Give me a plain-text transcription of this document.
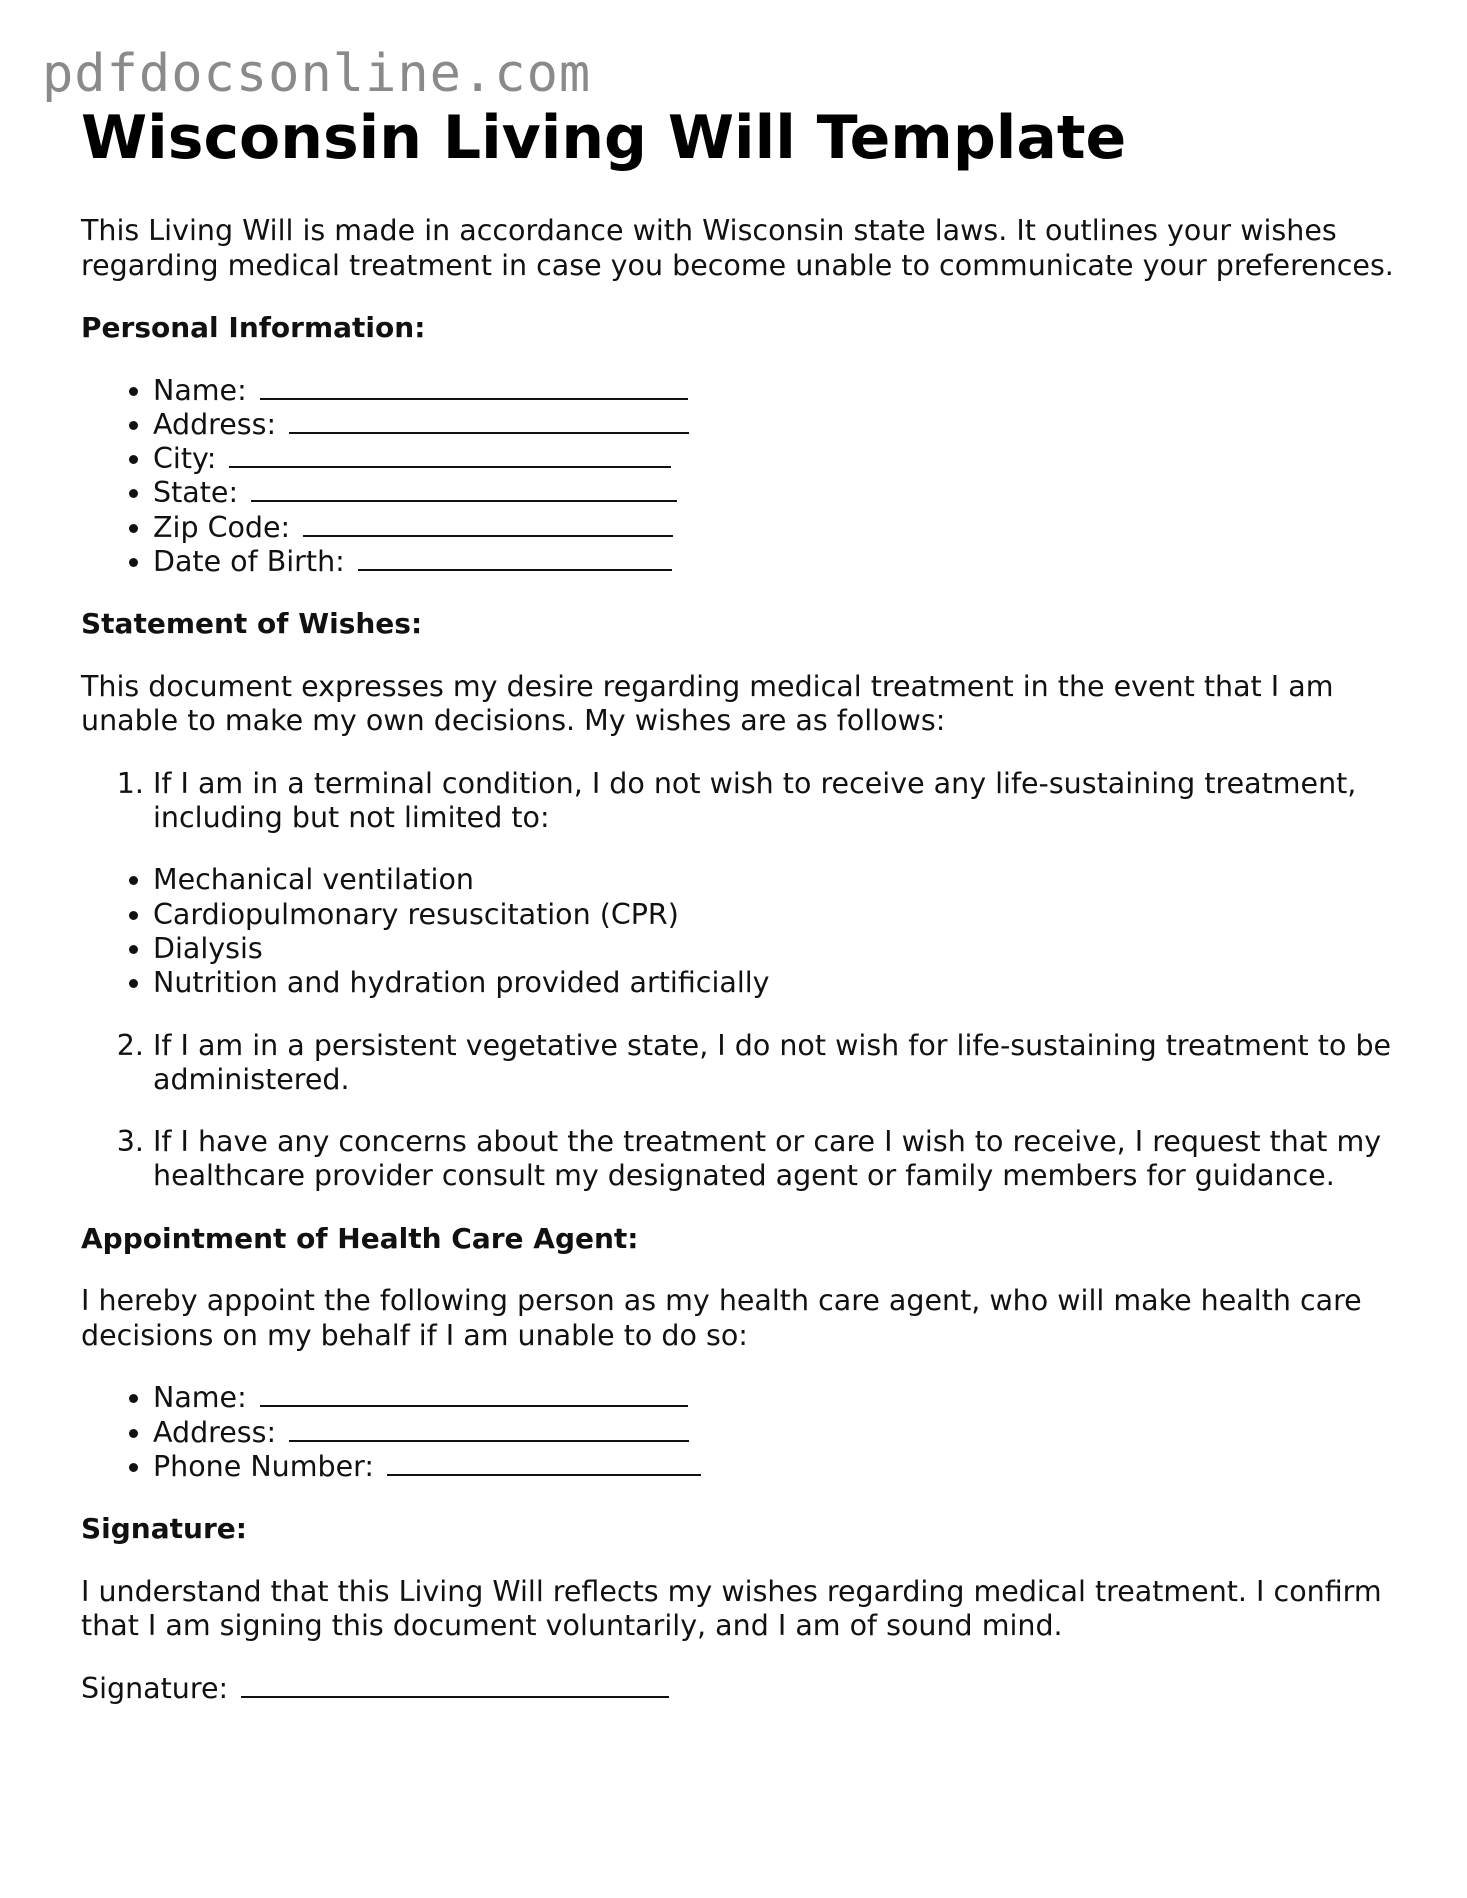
pdfdocsonline.com
Wisconsin Living Will Template

This Living Will is made in accordance with Wisconsin state laws. It outlines your wishes regarding medical treatment in case you become unable to communicate your preferences.

Personal Information:

• Name:
• Address:
• City:
• State:
• Zip Code:
• Date of Birth:

Statement of Wishes:

This document expresses my desire regarding medical treatment in the event that I am unable to make my own decisions. My wishes are as follows:

1. If I am in a terminal condition, I do not wish to receive any life-sustaining treatment, including but not limited to:
• Mechanical ventilation
• Cardiopulmonary resuscitation (CPR)
• Dialysis
• Nutrition and hydration provided artificially
2. If I am in a persistent vegetative state, I do not wish for life-sustaining treatment to be administered.
3. If I have any concerns about the treatment or care I wish to receive, I request that my healthcare provider consult my designated agent or family members for guidance.

Appointment of Health Care Agent:

I hereby appoint the following person as my health care agent, who will make health care decisions on my behalf if I am unable to do so:

• Name:
• Address:
• Phone Number:

Signature:

I understand that this Living Will reflects my wishes regarding medical treatment. I confirm that I am signing this document voluntarily, and I am of sound mind.

Signature:
